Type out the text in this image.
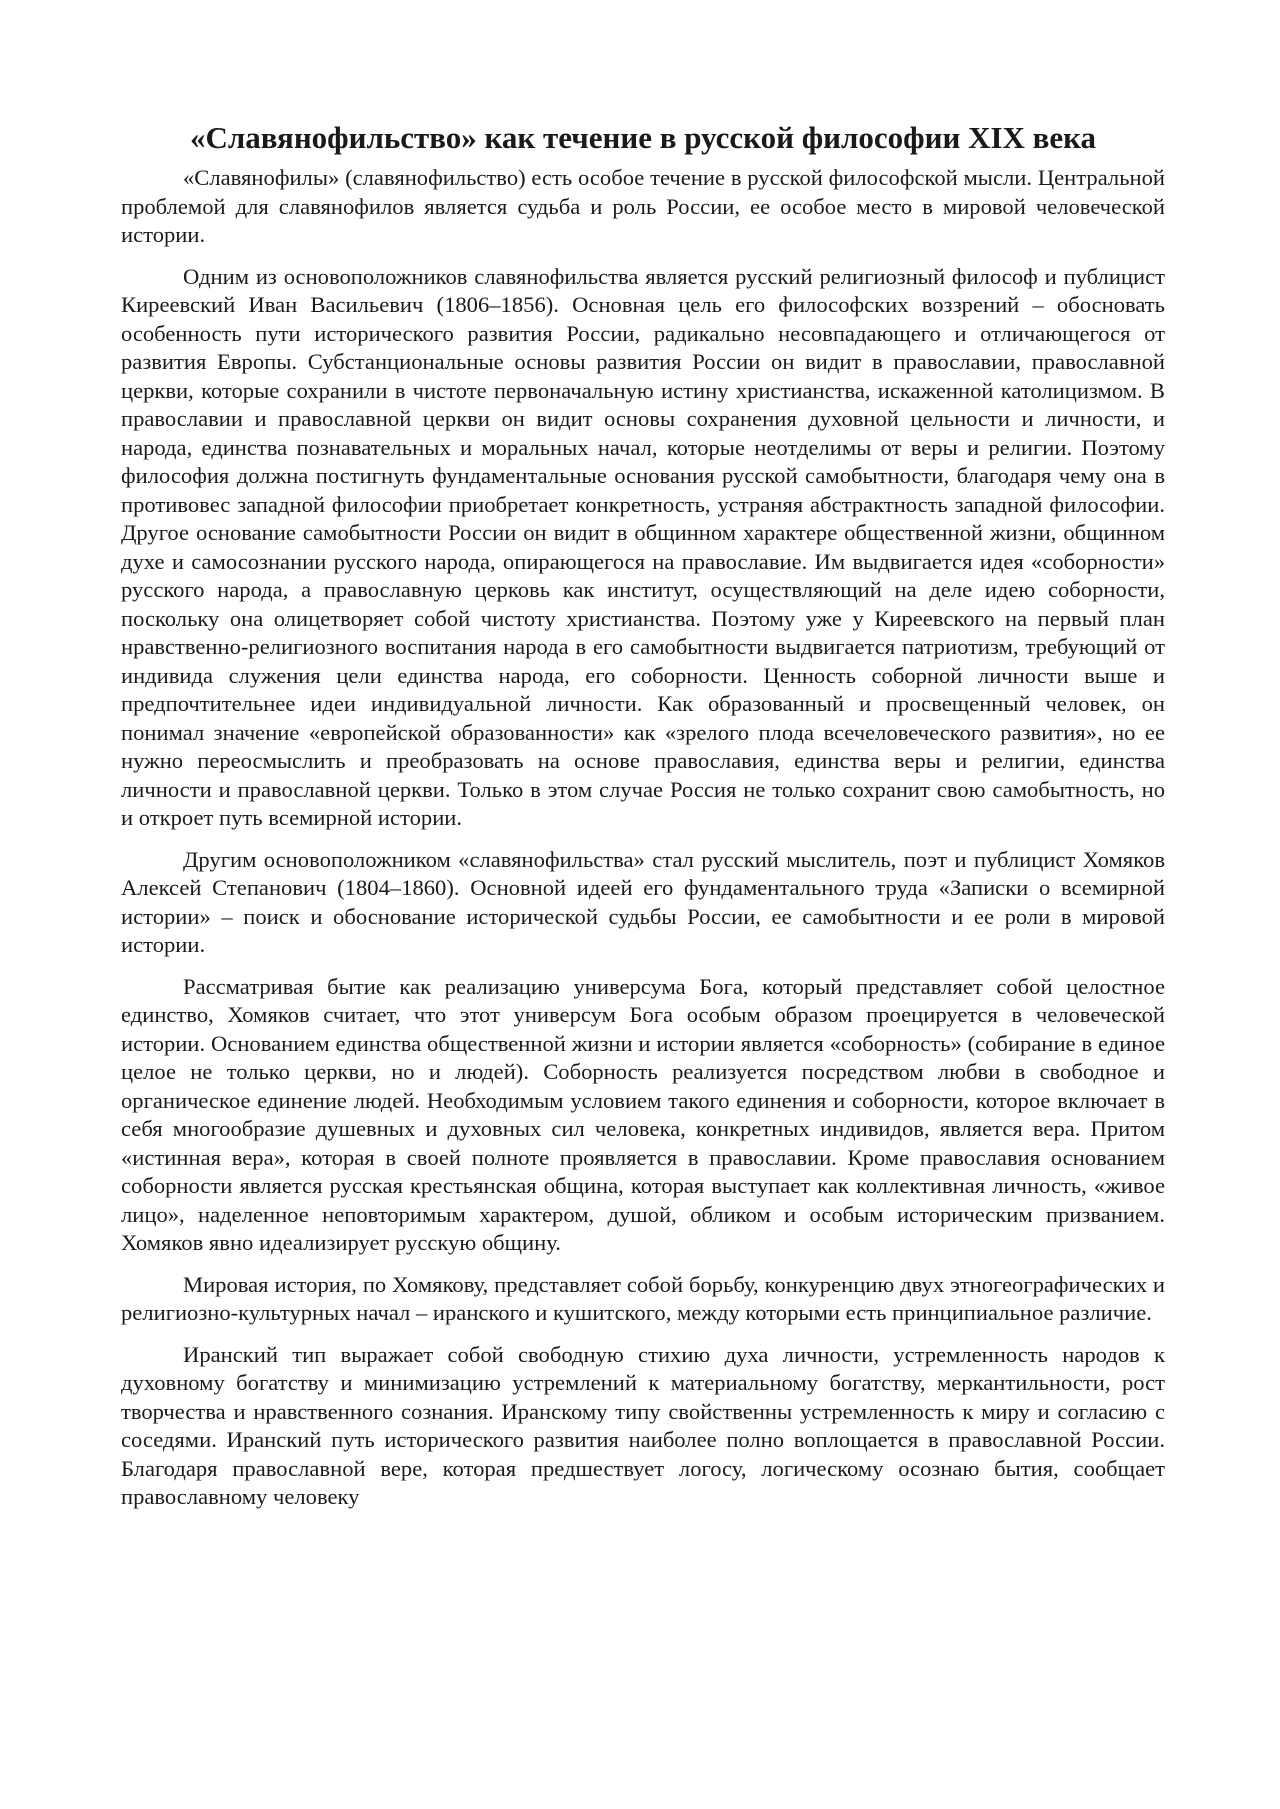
«Славянофильство» как течение в русской философии XIX века

«Славянофилы» (славянофильство) есть особое течение в русской философской мысли. Центральной проблемой для славянофилов является судьба и роль России, ее особое место в мировой человеческой истории.

Одним из основоположников славянофильства является русский религиозный философ и публицист Киреевский Иван Васильевич (1806–1856). Основная цель его философских воззрений – обосновать особенность пути исторического развития России, радикально несовпадающего и отличающегося от развития Европы. Субстанциональные основы развития России он видит в православии, православной церкви, которые сохранили в чистоте первоначальную истину христианства, искаженной католицизмом. В православии и православной церкви он видит основы сохранения духовной цельности и личности, и народа, единства познавательных и моральных начал, которые неотделимы от веры и религии. Поэтому философия должна постигнуть фундаментальные основания русской самобытности, благодаря чему она в противовес западной философии приобретает конкретность, устраняя абстрактность западной философии. Другое основание самобытности России он видит в общинном характере общественной жизни, общинном духе и самосознании русского народа, опирающегося на православие. Им выдвигается идея «соборности» русского народа, а православную церковь как институт, осуществляющий на деле идею соборности, поскольку она олицетворяет собой чистоту христианства. Поэтому уже у Киреевского на первый план нравственно-религиозного воспитания народа в его самобытности выдвигается патриотизм, требующий от индивида служения цели единства народа, его соборности. Ценность соборной личности выше и предпочтительнее идеи индивидуальной личности. Как образованный и просвещенный человек, он понимал значение «европейской образованности» как «зрелого плода всечеловеческого развития», но ее нужно переосмыслить и преобразовать на основе православия, единства веры и религии, единства личности и православной церкви. Только в этом случае Россия не только сохранит свою самобытность, но и откроет путь всемирной истории.

Другим основоположником «славянофильства» стал русский мыслитель, поэт и публицист Хомяков Алексей Степанович (1804–1860). Основной идеей его фундаментального труда «Записки о всемирной истории» – поиск и обоснование исторической судьбы России, ее самобытности и ее роли в мировой истории.

Рассматривая бытие как реализацию универсума Бога, который представляет собой целостное единство, Хомяков считает, что этот универсум Бога особым образом проецируется в человеческой истории. Основанием единства общественной жизни и истории является «соборность» (собирание в единое целое не только церкви, но и людей). Соборность реализуется посредством любви в свободное и органическое единение людей. Необходимым условием такого единения и соборности, которое включает в себя многообразие душевных и духовных сил человека, конкретных индивидов, является вера. Притом «истинная вера», которая в своей полноте проявляется в православии. Кроме православия основанием соборности является русская крестьянская община, которая выступает как коллективная личность, «живое лицо», наделенное неповторимым характером, душой, обликом и особым историческим призванием. Хомяков явно идеализирует русскую общину.

Мировая история, по Хомякову, представляет собой борьбу, конкуренцию двух этногеографических и религиозно-культурных начал – иранского и кушитского, между которыми есть принципиальное различие.

Иранский тип выражает собой свободную стихию духа личности, устремленность народов к духовному богатству и минимизацию устремлений к материальному богатству, меркантильности, рост творчества и нравственного сознания. Иранскому типу свойственны устремленность к миру и согласию с соседями. Иранский путь исторического развития наиболее полно воплощается в православной России. Благодаря православной вере, которая предшествует логосу, логическому осознаю бытия, сообщает православному человеку
